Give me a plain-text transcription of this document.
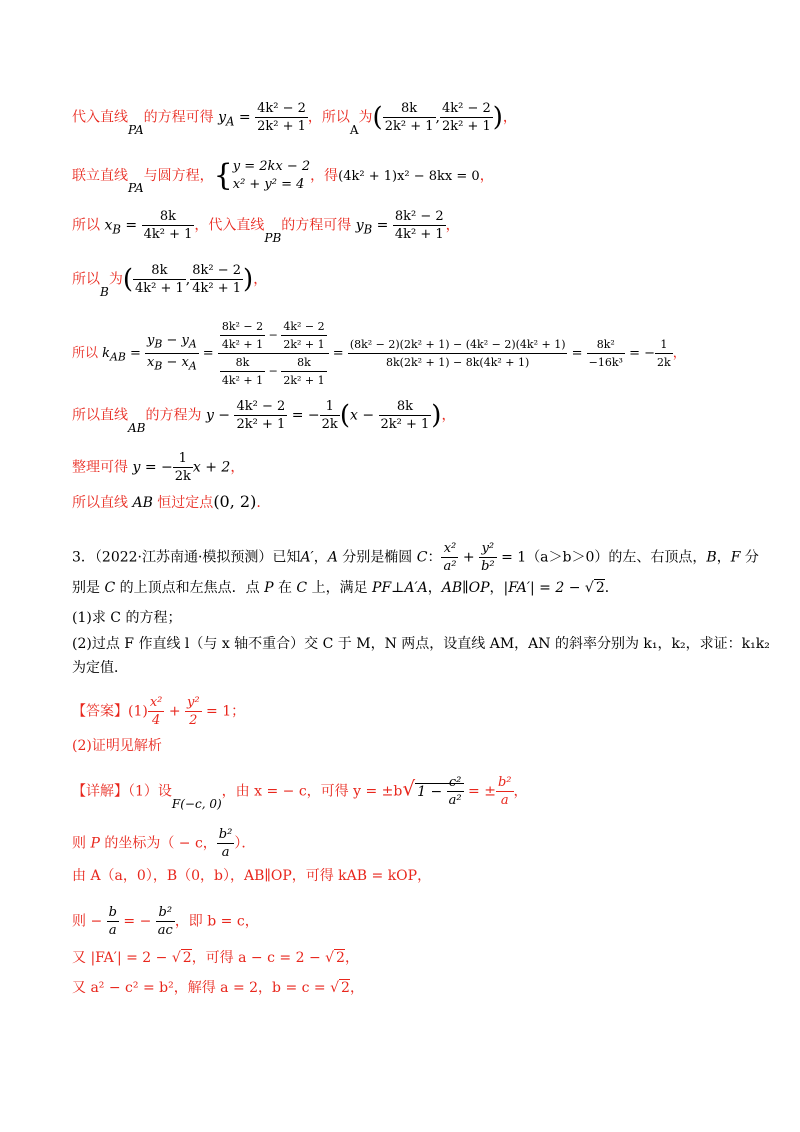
代入直线PA的方程可得 $y_A = \frac{\text{4k² − 2}}{\text{2k² + 1}}$ ，所以A为( $\frac{8k}{\text{2k² + 1}}$ , $\frac{\text{4k² − 2}}{\text{2k² + 1}}$ )，
联立直线PA与圆方程，{ y = 2kx − 2
x² + y² = 4
，得(4k² + 1)x² − 8kx = 0，
所以 $x_B = \frac{8k}{\text{4k² + 1}}$ ，代入直线PB的方程可得 $y_B = \frac{\text{8k² − 2}}{\text{4k² + 1}}$ ，
所以B为( $\frac{8k}{\text{4k² + 1}}$ , $\frac{\text{8k² − 2}}{\text{4k² + 1}}$ )，
所以 $k_{AB} = \frac{y_B - y_A}{x_B - x_A} = \frac{\frac{\text{8k² − 2}}{\text{4k² + 1}} - \frac{\text{4k² − 2}}{\text{2k² + 1}}}{\frac{8k}{\text{4k² + 1}} - \frac{8k}{\text{2k² + 1}}} = \frac{\text{(8k² − 2)(2k² + 1) − (4k² − 2)(4k² + 1)}}{\text{8k(2k² + 1) − 8k(4k² + 1)}} = \frac{\text{8k²}}{\text{−16k³}}$ = − $\frac{1}{2k}$ ，
所以直线AB的方程为 $y - \frac{\text{4k² − 2}}{\text{2k² + 1}}$ = − $\frac{1}{2k} (x - \frac{8k}{\text{2k² + 1}}$ )，
整理可得 y = − $\frac{1}{2k}$ x + 2，
所以直线 AB 恒过定点(0, 2).
3．（2022·江苏南通·模拟预测）已知A′，A 分别是椭圆 C： $\frac{\text{x²}}{\text{a²}} + \frac{\text{y²}}{\text{b²}} = 1(a>b>0)$的左、右顶点，B，F 分
别是 C 的上顶点和左焦点．点 P 在 C 上，满足 PF⊥A′A，AB∥OP，|FA′| = 2 − √ 2．
(1)求 C 的方程；
(2)过点 F 作直线 l（与 x 轴不重合）交 C 于 M，N 两点，设直线 AM，AN 的斜率分别为 k₁，k₂，求证：k₁k₂
为定值．
【答案】$(1) \frac{\text{x²}}{4} + \frac{\text{y²}}{2} = 1$；
(2)证明见解析
【详解】（1）设F(−c, 0)，由 x = − c，可得 y = ±b√ $1 - \frac{\text{c²}}{\text{a²}}$ = ± $\frac{\text{b²}}{a}$ ，
则 P 的坐标为（ − c， $\frac{\text{b²}}{a}$ ）．
由 A（a，0），B（0，b），AB∥OP，可得 kAB = kOP，
则 − $\frac{b}{a}$ = − $\frac{\text{b²}}{ac}$ ，即 b = c，
又 |FA′| = 2 − √ 2，可得 a − c = 2 − √ 2，
又 a² − c² = b²，解得 a = 2，b = c = √ 2，
